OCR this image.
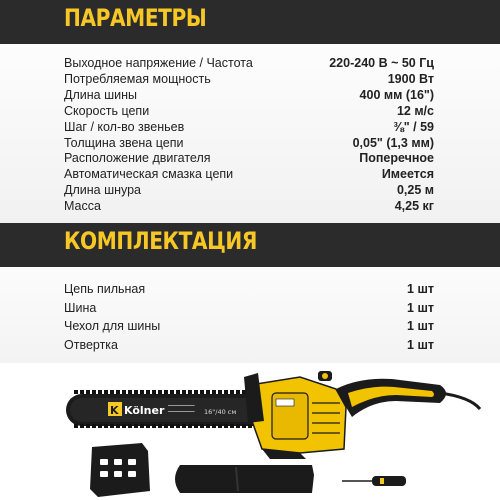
ПАРАМЕТРЫ
Выходное напряжение / Частота	220-240 В ~ 50 Гц
Потребляемая мощность	1900 Вт
Длина шины	400 мм (16")
Скорость цепи	12 м/с
Шаг / кол-во звеньев	⅜" / 59
Толщина звена цепи	0,05" (1,3 мм)
Расположение двигателя	Поперечное
Автоматическая смазка цепи	Имеется
Длина шнура	0,25 м
Масса	4,25 кг
КОМПЛЕКТАЦИЯ
Цепь пильная	1 шт
Шина	1 шт
Чехол для шины	1 шт
Отвертка	1 шт
K Kölner ═══════════
═══════════ 16"/40 см
